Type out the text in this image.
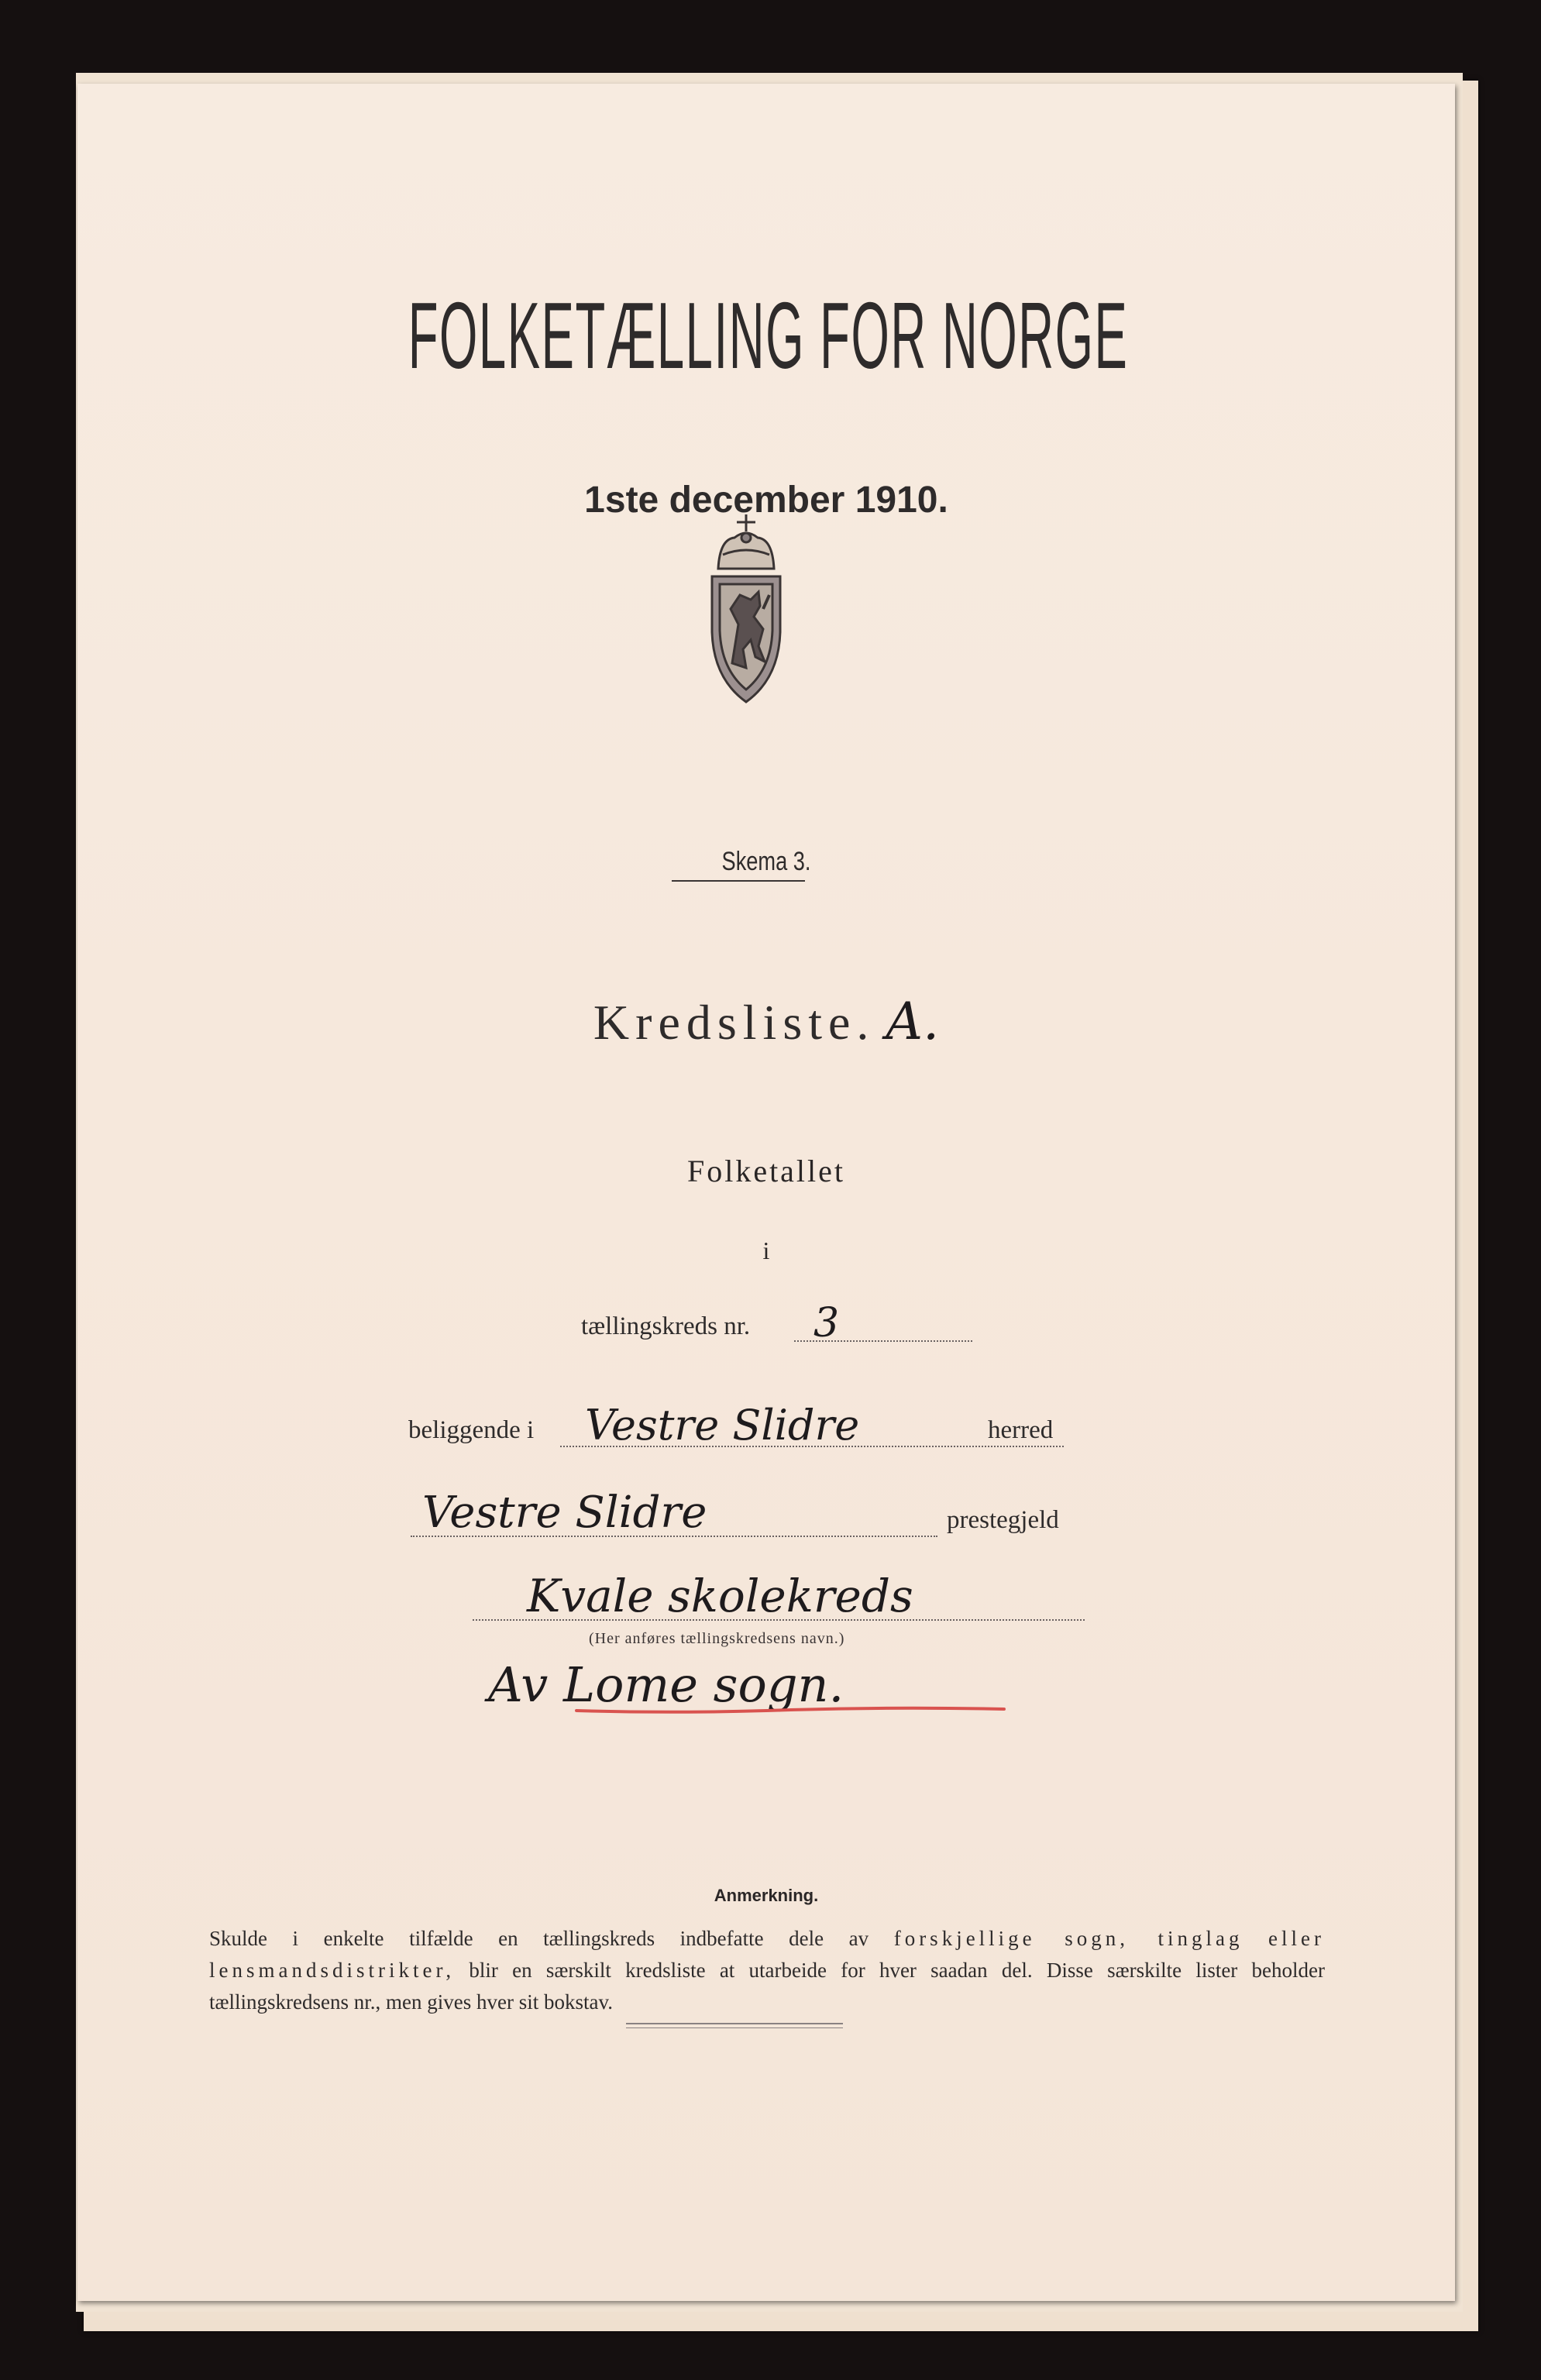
FOLKETÆLLING FOR NORGE
1ste december 1910.
Skema 3.
Kredsliste. A.
Folketallet
i
tællingskreds nr. 3
beliggende i Vestre Slidre	herred
Vestre Slidre	prestegjeld
Kvale skolekreds
(Her anføres tællingskredsens navn.)
Av Lome sogn.
Anmerkning.
Skulde i enkelte tilfælde en tællingskreds indbefatte dele av forskjellige sogn, tinglag eller lensmandsdistrikter, blir en særskilt kredsliste at utarbeide for hver saadan del. Disse særskilte lister beholder tællingskredsens nr., men gives hver sit bokstav.
